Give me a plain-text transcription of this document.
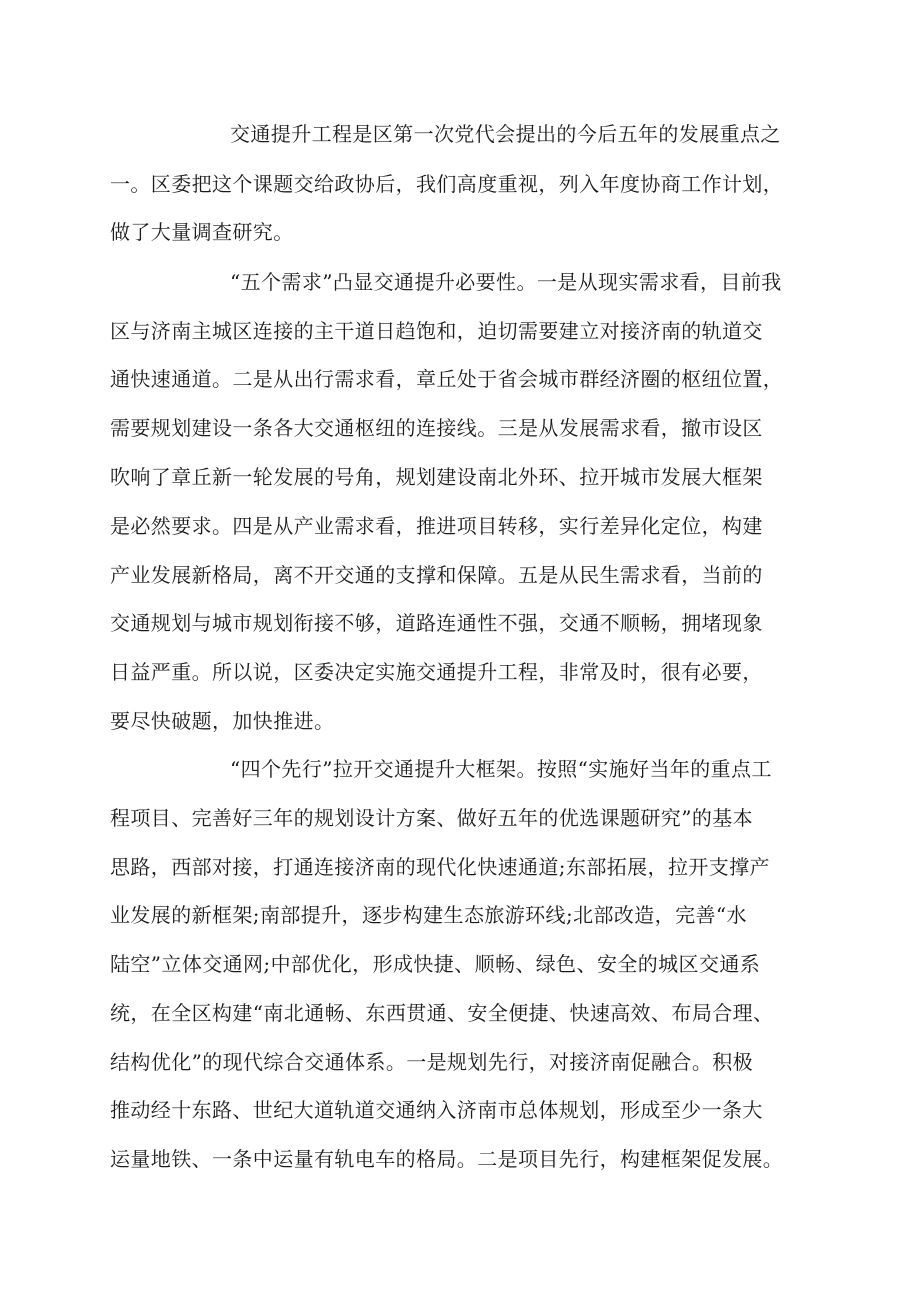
交通提升工程是区第一次党代会提出的今后五年的发展重点之
一。区委把这个课题交给政协后，我们高度重视，列入年度协商工作计划，
做了大量调查研究。
“五个需求”凸显交通提升必要性。一是从现实需求看，目前我
区与济南主城区连接的主干道日趋饱和，迫切需要建立对接济南的轨道交
通快速通道。二是从出行需求看，章丘处于省会城市群经济圈的枢纽位置，
需要规划建设一条各大交通枢纽的连接线。三是从发展需求看，撤市设区
吹响了章丘新一轮发展的号角，规划建设南北外环、拉开城市发展大框架
是必然要求。四是从产业需求看，推进项目转移，实行差异化定位，构建
产业发展新格局，离不开交通的支撑和保障。五是从民生需求看，当前的
交通规划与城市规划衔接不够，道路连通性不强，交通不顺畅，拥堵现象
日益严重。所以说，区委决定实施交通提升工程，非常及时，很有必要，
要尽快破题，加快推进。
“四个先行”拉开交通提升大框架。按照“实施好当年的重点工
程项目、完善好三年的规划设计方案、做好五年的优选课题研究”的基本
思路，西部对接，打通连接济南的现代化快速通道;东部拓展，拉开支撑产
业发展的新框架;南部提升，逐步构建生态旅游环线;北部改造，完善“水
陆空”立体交通网;中部优化，形成快捷、顺畅、绿色、安全的城区交通系
统，在全区构建“南北通畅、东西贯通、安全便捷、快速高效、布局合理、
结构优化”的现代综合交通体系。一是规划先行，对接济南促融合。积极
推动经十东路、世纪大道轨道交通纳入济南市总体规划，形成至少一条大
运量地铁、一条中运量有轨电车的格局。二是项目先行，构建框架促发展。
